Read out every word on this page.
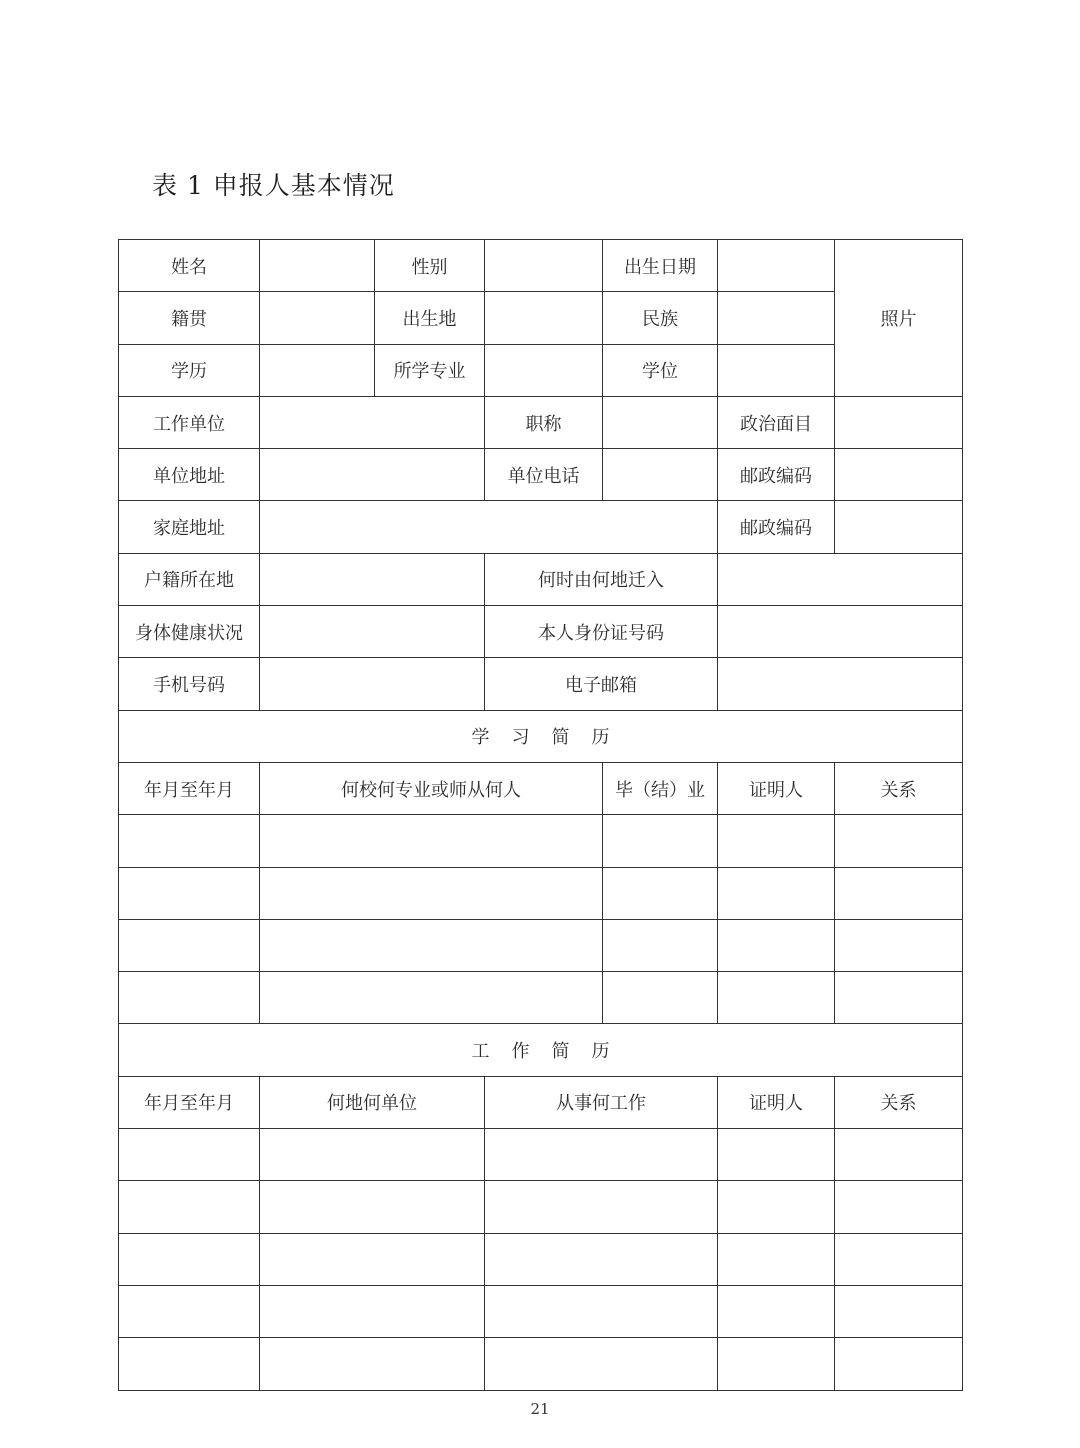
表 1 申报人基本情况
姓名	性别	出生日期
照片
籍贯	出生地	民族
学历	所学专业	学位
工作单位	职称	政治面目
单位地址	单位电话	邮政编码
家庭地址	邮政编码
户籍所在地	何时由何地迁入
身体健康状况	本人身份证号码
手机号码	电子邮箱
学习简历
年月至年月	何校何专业或师从何人	毕（结）业	证明人	关系
工作简历
年月至年月	何地何单位	从事何工作	证明人	关系
21
